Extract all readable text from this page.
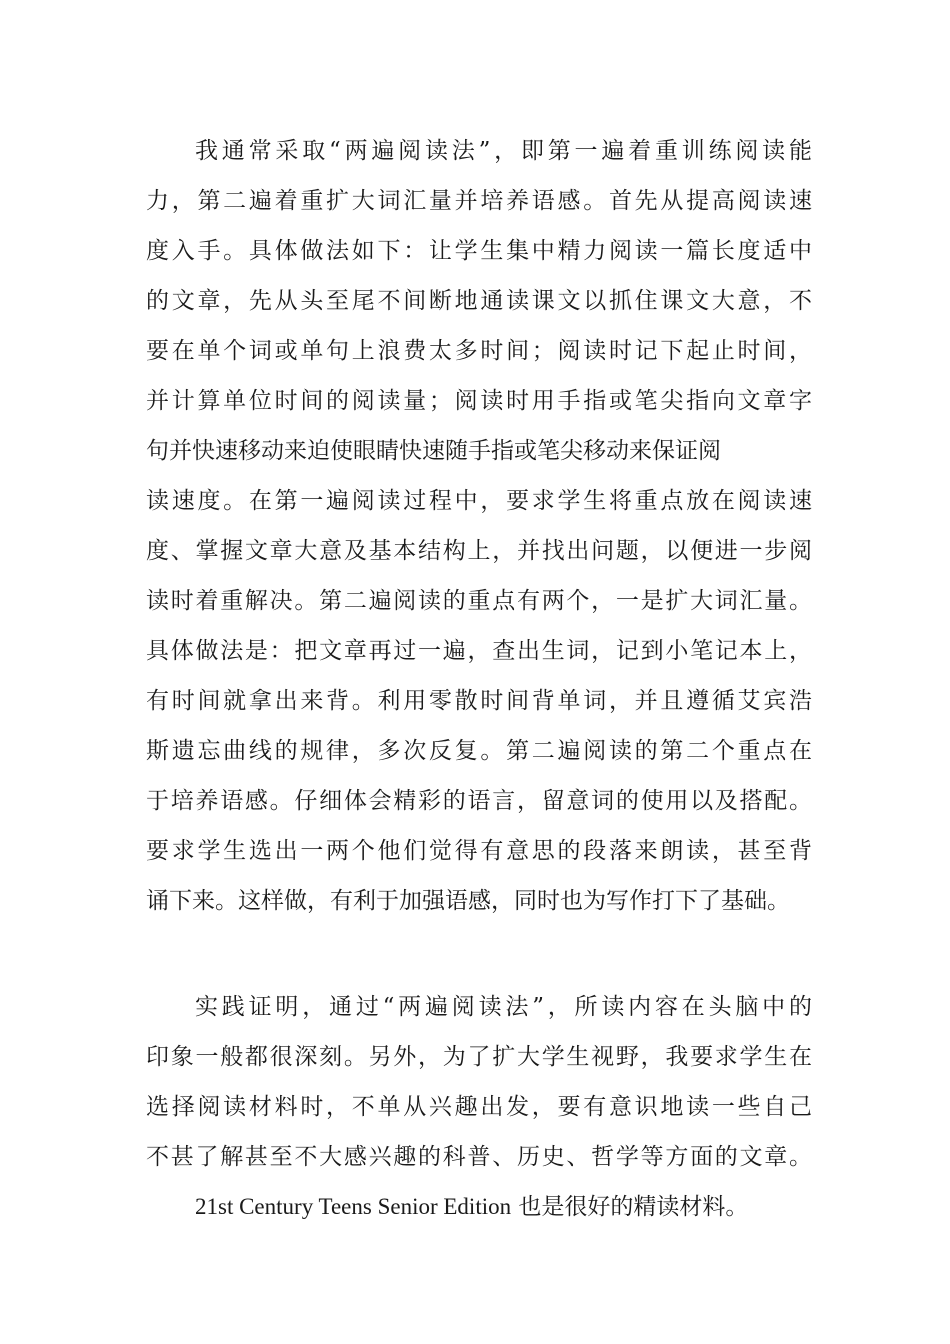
我通常采取“两遍阅读法”，即第一遍着重训练阅读能
力，第二遍着重扩大词汇量并培养语感。首先从提高阅读速
度入手。具体做法如下：让学生集中精力阅读一篇长度适中
的文章，先从头至尾不间断地通读课文以抓住课文大意，不
要在单个词或单句上浪费太多时间；阅读时记下起止时间，
并计算单位时间的阅读量；阅读时用手指或笔尖指向文章字
句并快速移动来迫使眼睛快速随手指或笔尖移动来保证阅
读速度。在第一遍阅读过程中，要求学生将重点放在阅读速
度、掌握文章大意及基本结构上，并找出问题，以便进一步阅
读时着重解决。第二遍阅读的重点有两个，一是扩大词汇量。
具体做法是：把文章再过一遍，查出生词，记到小笔记本上，
有时间就拿出来背。利用零散时间背单词，并且遵循艾宾浩
斯遗忘曲线的规律，多次反复。第二遍阅读的第二个重点在
于培养语感。仔细体会精彩的语言，留意词的使用以及搭配。
要求学生选出一两个他们觉得有意思的段落来朗读，甚至背
诵下来。这样做，有利于加强语感，同时也为写作打下了基础。
实践证明，通过“两遍阅读法”，所读内容在头脑中的
印象一般都很深刻。另外，为了扩大学生视野，我要求学生在
选择阅读材料时，不单从兴趣出发，要有意识地读一些自己
不甚了解甚至不大感兴趣的科普、历史、哲学等方面的文章。
21st Century Teens Senior Edition 也是很好的精读材料。
